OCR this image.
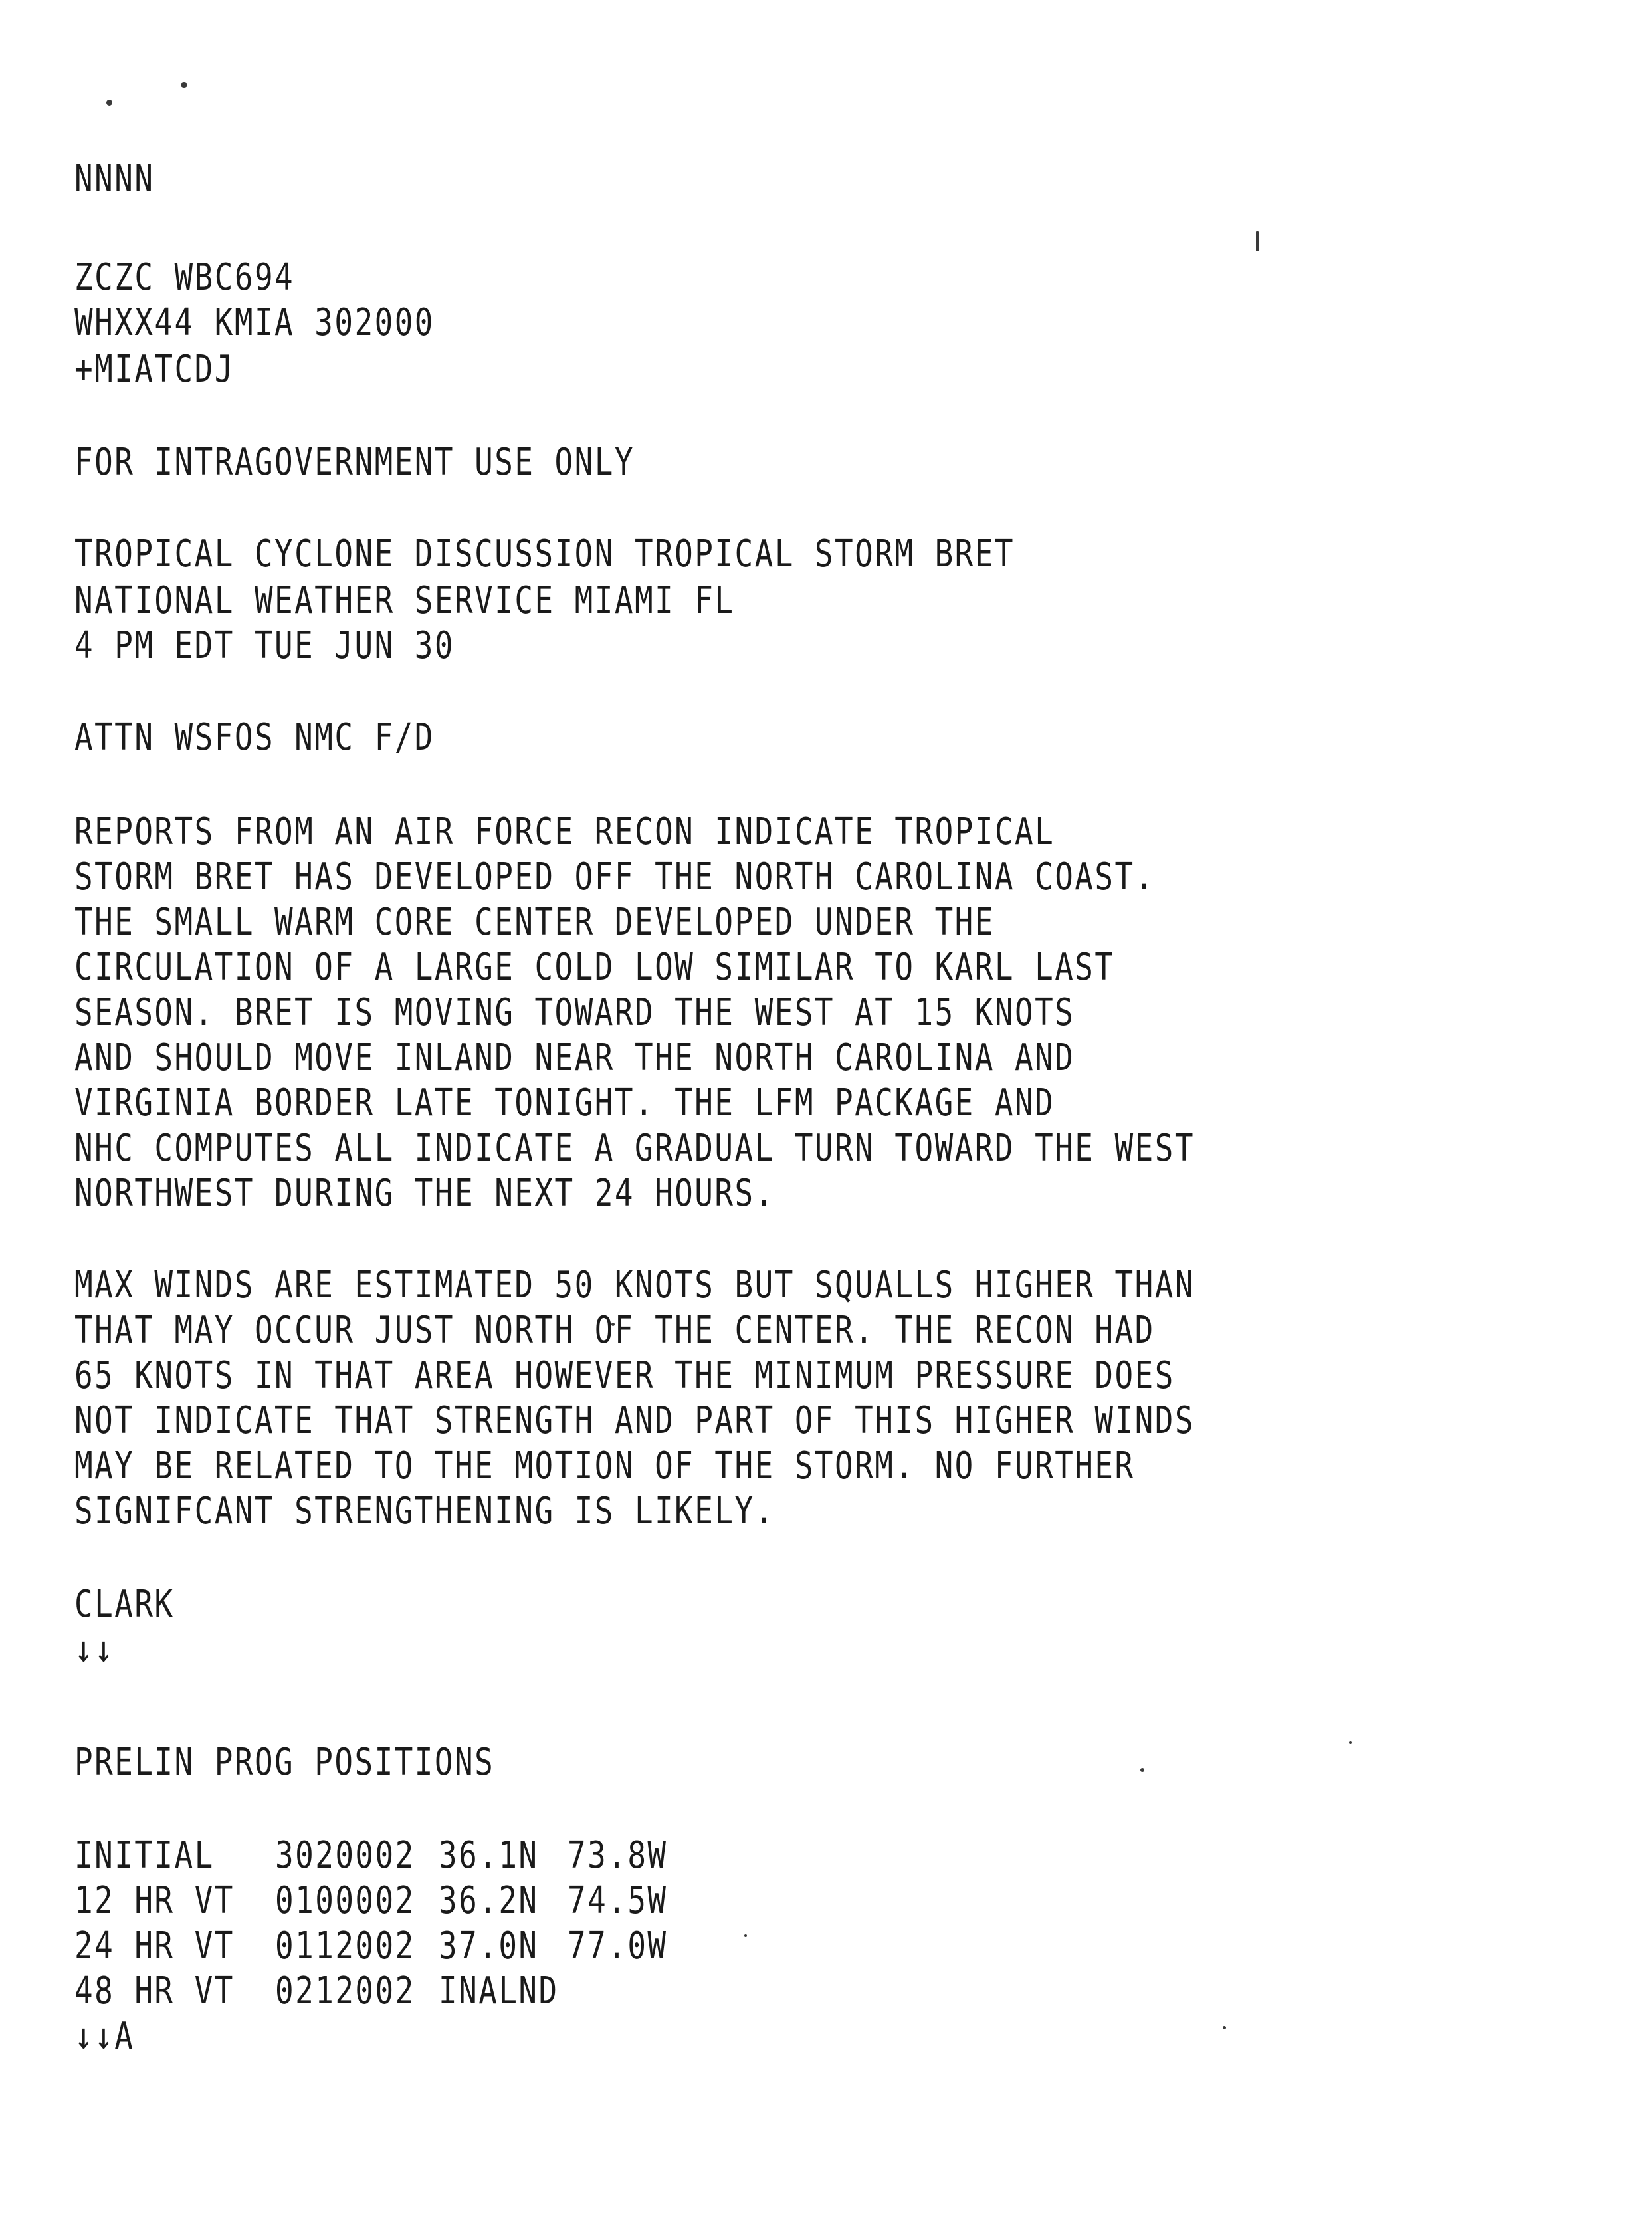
NNNN

ZCZC WBC694

WHXX44 KMIA 302000

+MIATCDJ

FOR INTRAGOVERNMENT USE ONLY

TROPICAL CYCLONE DISCUSSION TROPICAL STORM BRET

NATIONAL WEATHER SERVICE MIAMI FL

4 PM EDT TUE JUN 30

ATTN WSFOS NMC F/D

REPORTS FROM AN AIR FORCE RECON INDICATE TROPICAL

STORM BRET HAS DEVELOPED OFF THE NORTH CAROLINA COAST.

THE SMALL WARM CORE CENTER DEVELOPED UNDER THE

CIRCULATION OF A LARGE COLD LOW SIMILAR TO KARL LAST

SEASON. BRET IS MOVING TOWARD THE WEST AT 15 KNOTS

AND SHOULD MOVE INLAND NEAR THE NORTH CAROLINA AND

VIRGINIA BORDER LATE TONIGHT. THE LFM PACKAGE AND

NHC COMPUTES ALL INDICATE A GRADUAL TURN TOWARD THE WEST

NORTHWEST DURING THE NEXT 24 HOURS.

MAX WINDS ARE ESTIMATED 50 KNOTS BUT SQUALLS HIGHER THAN

THAT MAY OCCUR JUST NORTH OF THE CENTER. THE RECON HAD

65 KNOTS IN THAT AREA HOWEVER THE MINIMUM PRESSURE DOES

NOT INDICATE THAT STRENGTH AND PART OF THIS HIGHER WINDS

MAY BE RELATED TO THE MOTION OF THE STORM. NO FURTHER

SIGNIFCANT STRENGTHENING IS LIKELY.

CLARK

↓↓

PRELIN PROG POSITIONS

INITIAL

3020002

36.1N

73.8W

12 HR VT

0100002

36.2N

74.5W

24 HR VT

0112002

37.0N

77.0W

48 HR VT

0212002

INALND

↓↓A
